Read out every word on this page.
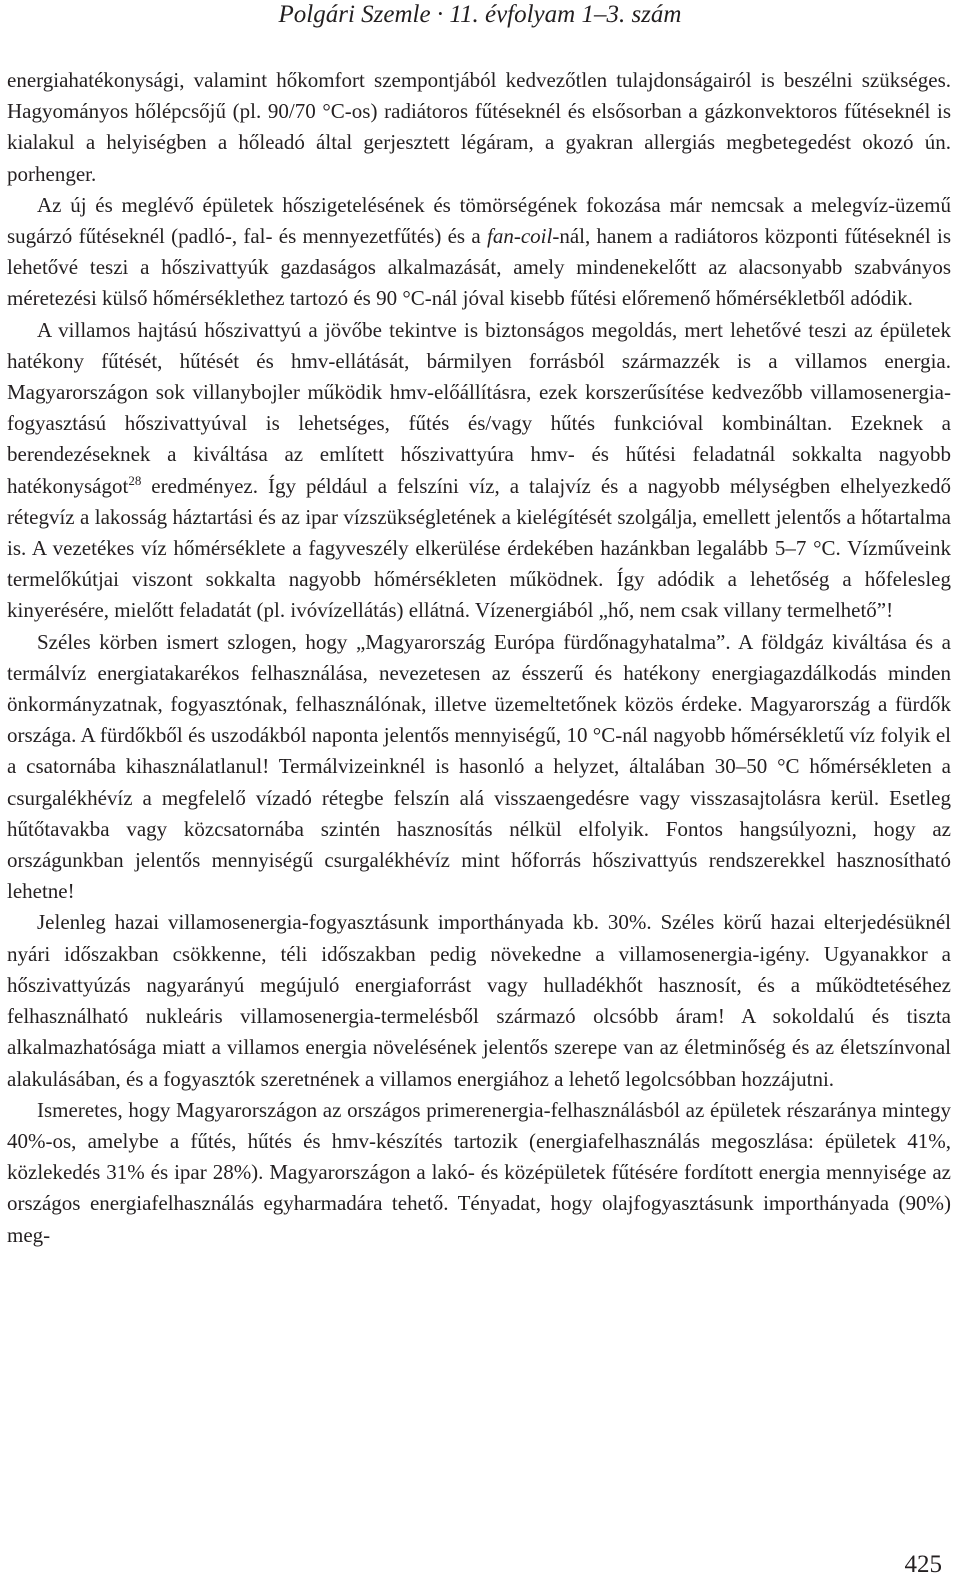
Polgári Szemle · 11. évfolyam 1–3. szám

energiahatékonysági, valamint hőkomfort szempontjából kedvezőtlen tulajdonságairól is beszélni szükséges. Hagyományos hőlépcsőjű (pl. 90/70 °C-os) radiátoros fűtéseknél és elsősorban a gázkonvektoros fűtéseknél is kialakul a helyiségben a hőleadó által gerjesztett légáram, a gyakran allergiás megbetegedést okozó ún. porhenger.

Az új és meglévő épületek hőszigetelésének és tömörségének fokozása már nemcsak a melegvíz-üzemű sugárzó fűtéseknél (padló-, fal- és mennyezetfűtés) és a fan-coil-nál, hanem a radiátoros központi fűtéseknél is lehetővé teszi a hőszivattyúk gazdaságos alkalmazását, amely mindenekelőtt az alacsonyabb szabványos méretezési külső hőmérséklethez tartozó és 90 °C-nál jóval kisebb fűtési előremenő hőmérsékletből adódik.

A villamos hajtású hőszivattyú a jövőbe tekintve is biztonságos megoldás, mert lehetővé teszi az épületek hatékony fűtését, hűtését és hmv-ellátását, bármilyen forrásból származzék is a villamos energia. Magyarországon sok villanybojler működik hmv-előállításra, ezek korszerűsítése kedvezőbb villamosenergia-fogyasztású hőszivattyúval is lehetséges, fűtés és/vagy hűtés funkcióval kombináltan. Ezeknek a berendezéseknek a kiváltása az említett hőszivattyúra hmv- és hűtési feladatnál sokkalta nagyobb hatékonyságot$^{28}$ eredményez. Így például a felszíni víz, a talajvíz és a nagyobb mélységben elhelyezkedő rétegvíz a lakosság háztartási és az ipar vízszükségletének a kielégítését szolgálja, emellett jelentős a hőtartalma is. A vezetékes víz hőmérséklete a fagyveszély elkerülése érdekében hazánkban legalább 5–7 °C. Vízműveink termelőkútjai viszont sokkalta nagyobb hőmérsékleten működnek. Így adódik a lehetőség a hőfelesleg kinyerésére, mielőtt feladatát (pl. ivóvízellátás) ellátná. Vízenergiából „hő, nem csak villany termelhető”!

Széles körben ismert szlogen, hogy „Magyarország Európa fürdőnagyhatalma”. A földgáz kiváltása és a termálvíz energiatakarékos felhasználása, nevezetesen az ésszerű és hatékony energiagazdálkodás minden önkormányzatnak, fogyasztónak, felhasználónak, illetve üzemeltetőnek közös érdeke. Magyarország a fürdők országa. A fürdőkből és uszodákból naponta jelentős mennyiségű, 10 °C-nál nagyobb hőmérsékletű víz folyik el a csatornába kihasználatlanul! Termálvizeinknél is hasonló a helyzet, általában 30–50 °C hőmérsékleten a csurgalékhévíz a megfelelő vízadó rétegbe felszín alá visszaengedésre vagy visszasajtolásra kerül. Esetleg hűtőtavakba vagy közcsatornába szintén hasznosítás nélkül elfolyik. Fontos hangsúlyozni, hogy az országunkban jelentős mennyiségű csurgalékhévíz mint hőforrás hőszivattyús rendszerekkel hasznosítható lehetne!

Jelenleg hazai villamosenergia-fogyasztásunk importhányada kb. 30%. Széles körű hazai elterjedésüknél nyári időszakban csökkenne, téli időszakban pedig növekedne a villamosenergia-igény. Ugyanakkor a hőszivattyúzás nagyarányú megújuló energiaforrást vagy hulladékhőt hasznosít, és a működtetéséhez felhasználható nukleáris villamosenergia-termelésből származó olcsóbb áram! A sokoldalú és tiszta alkalmazhatósága miatt a villamos energia növelésének jelentős szerepe van az életminőség és az életszínvonal alakulásában, és a fogyasztók szeretnének a villamos energiához a lehető legolcsóbban hozzájutni.

Ismeretes, hogy Magyarországon az országos primerenergia-felhasználásból az épületek részaránya mintegy 40%-os, amelybe a fűtés, hűtés és hmv-készítés tartozik (energiafelhasználás megoszlása: épületek 41%, közlekedés 31% és ipar 28%). Magyarországon a lakó- és középületek fűtésére fordított energia mennyisége az országos energiafelhasználás egyharmadára tehető. Tényadat, hogy olajfogyasztásunk importhányada (90%) meg-

425
